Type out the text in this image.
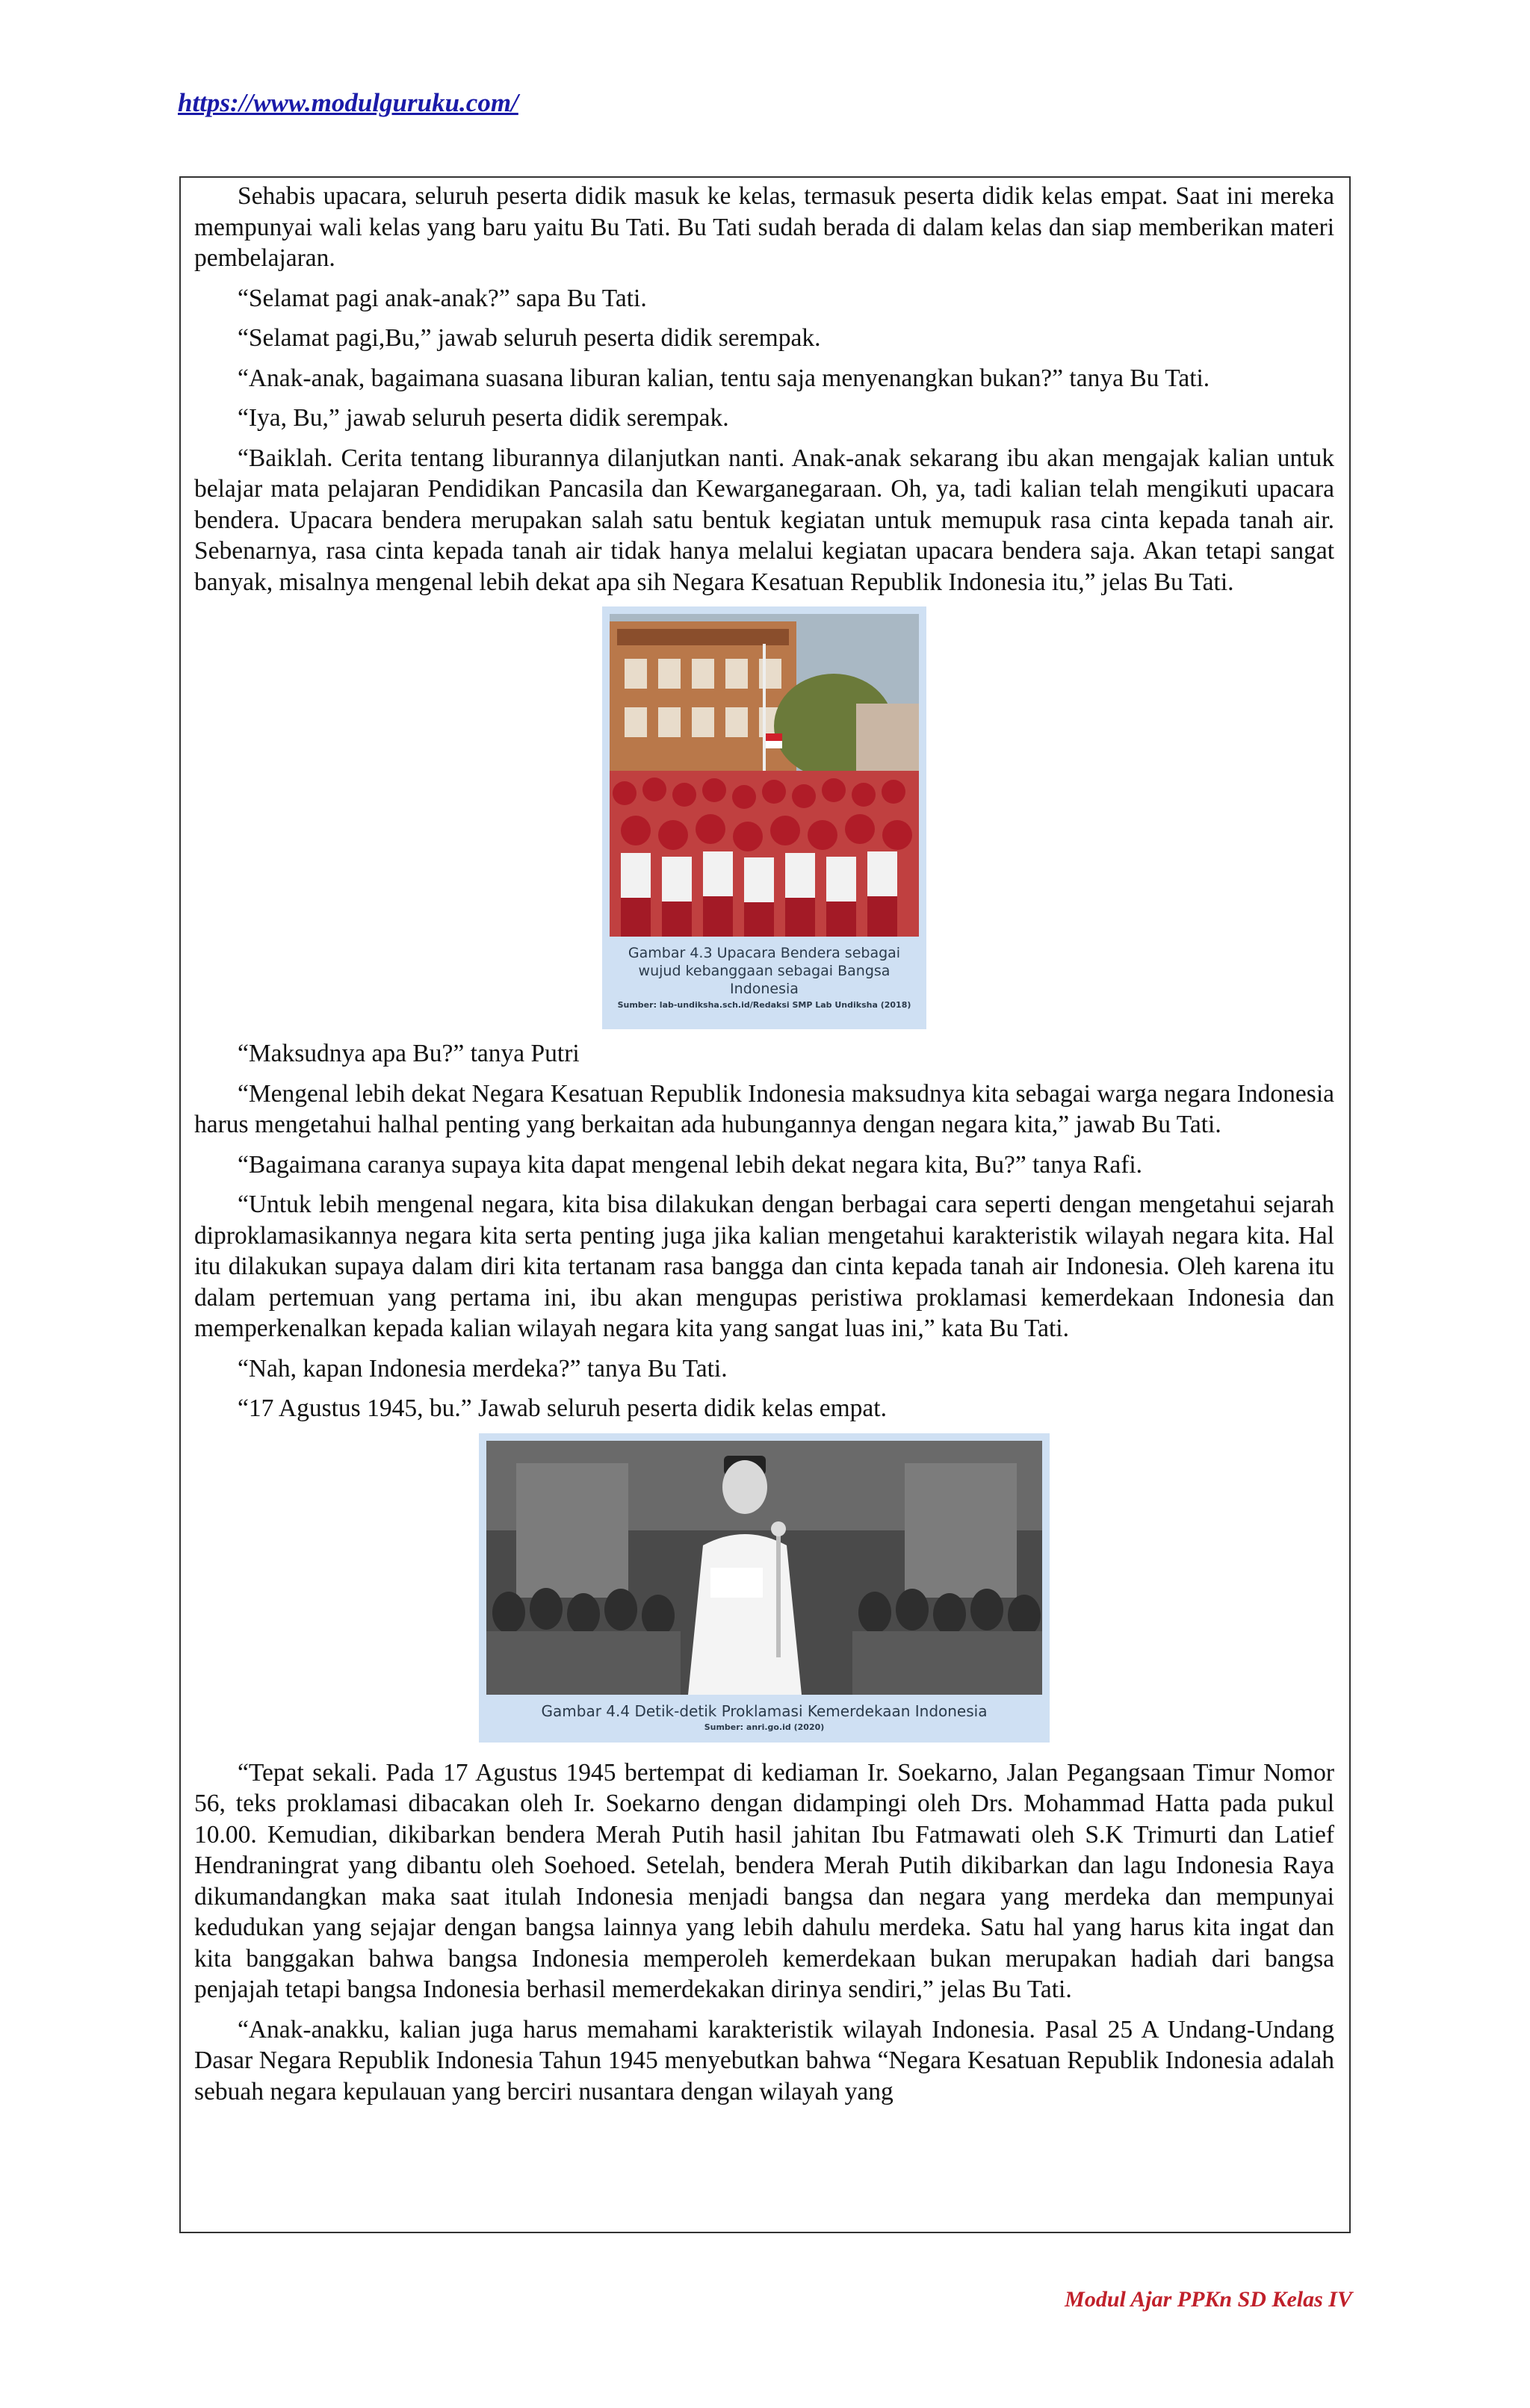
https://www.modulguruku.com/

Sehabis upacara, seluruh peserta didik masuk ke kelas, termasuk peserta didik kelas empat. Saat ini mereka mempunyai wali kelas yang baru yaitu Bu Tati. Bu Tati sudah berada di dalam kelas dan siap memberikan materi pembelajaran.

“Selamat pagi anak-anak?” sapa Bu Tati.

“Selamat pagi,Bu,” jawab seluruh peserta didik serempak.

“Anak-anak, bagaimana suasana liburan kalian, tentu saja menyenangkan bukan?” tanya Bu Tati.

“Iya, Bu,” jawab seluruh peserta didik serempak.

“Baiklah. Cerita tentang liburannya dilanjutkan nanti. Anak-anak sekarang ibu akan mengajak kalian untuk belajar mata pelajaran Pendidikan Pancasila dan Kewarganegaraan. Oh, ya, tadi kalian telah mengikuti upacara bendera. Upacara bendera merupakan salah satu bentuk kegiatan untuk memupuk rasa cinta kepada tanah air. Sebenarnya, rasa cinta kepada tanah air tidak hanya melalui kegiatan upacara bendera saja. Akan tetapi sangat banyak, misalnya mengenal lebih dekat apa sih Negara Kesatuan Republik Indonesia itu,” jelas Bu Tati.

Gambar 4.3 Upacara Bendera sebagai wujud kebanggaan sebagai Bangsa Indonesia
Sumber: lab-undiksha.sch.id/Redaksi SMP Lab Undiksha (2018)

“Maksudnya apa Bu?” tanya Putri

“Mengenal lebih dekat Negara Kesatuan Republik Indonesia maksudnya kita sebagai warga negara Indonesia harus mengetahui halhal penting yang berkaitan ada hubungannya dengan negara kita,” jawab Bu Tati.

“Bagaimana caranya supaya kita dapat mengenal lebih dekat negara kita, Bu?” tanya Rafi.

“Untuk lebih mengenal negara, kita bisa dilakukan dengan berbagai cara seperti dengan mengetahui sejarah diproklamasikannya negara kita serta penting juga jika kalian mengetahui karakteristik wilayah negara kita. Hal itu dilakukan supaya dalam diri kita tertanam rasa bangga dan cinta kepada tanah air Indonesia. Oleh karena itu dalam pertemuan yang pertama ini, ibu akan mengupas peristiwa proklamasi kemerdekaan Indonesia dan memperkenalkan kepada kalian wilayah negara kita yang sangat luas ini,” kata Bu Tati.

“Nah, kapan Indonesia merdeka?” tanya Bu Tati.

“17 Agustus 1945, bu.” Jawab seluruh peserta didik kelas empat.

Gambar 4.4 Detik-detik Proklamasi Kemerdekaan Indonesia
Sumber: anri.go.id (2020)

“Tepat sekali. Pada 17 Agustus 1945 bertempat di kediaman Ir. Soekarno, Jalan Pegangsaan Timur Nomor 56, teks proklamasi dibacakan oleh Ir. Soekarno dengan didampingi oleh Drs. Mohammad Hatta pada pukul 10.00. Kemudian, dikibarkan bendera Merah Putih hasil jahitan Ibu Fatmawati oleh S.K Trimurti dan Latief Hendraningrat yang dibantu oleh Soehoed. Setelah, bendera Merah Putih dikibarkan dan lagu Indonesia Raya dikumandangkan maka saat itulah Indonesia menjadi bangsa dan negara yang merdeka dan mempunyai kedudukan yang sejajar dengan bangsa lainnya yang lebih dahulu merdeka. Satu hal yang harus kita ingat dan kita banggakan bahwa bangsa Indonesia memperoleh kemerdekaan bukan merupakan hadiah dari bangsa penjajah tetapi bangsa Indonesia berhasil memerdekakan dirinya sendiri,” jelas Bu Tati.

“Anak-anakku, kalian juga harus memahami karakteristik wilayah Indonesia. Pasal 25 A Undang-Undang Dasar Negara Republik Indonesia Tahun 1945 menyebutkan bahwa “Negara Kesatuan Republik Indonesia adalah sebuah negara kepulauan yang berciri nusantara dengan wilayah yang

Modul Ajar PPKn SD Kelas IV
